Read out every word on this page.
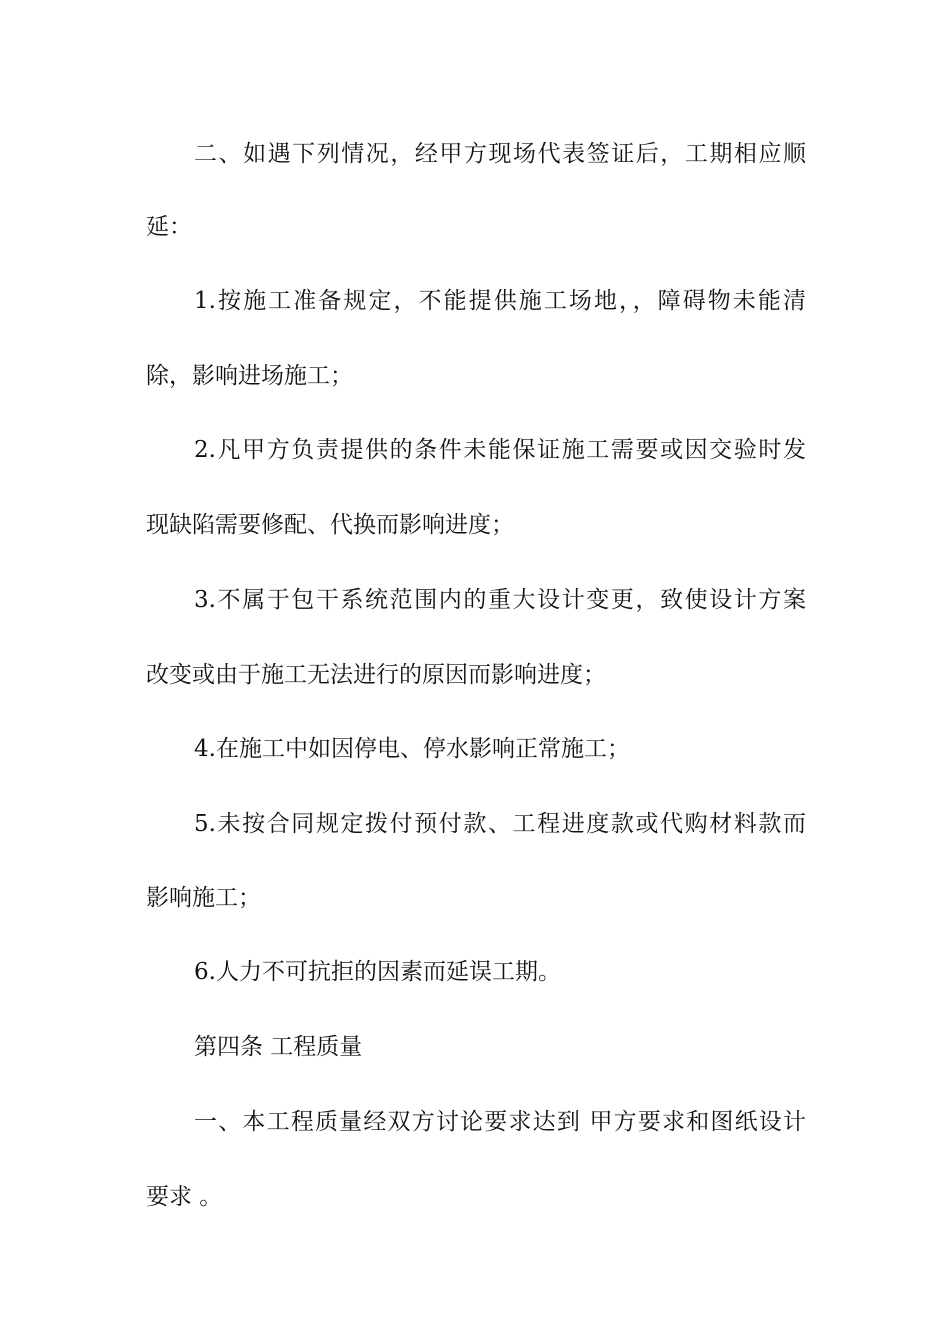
二、如遇下列情况，经甲方现场代表签证后，工期相应顺
延：
1.按施工准备规定，不能提供施工场地，，障碍物未能清
除，影响进场施工；
2.凡甲方负责提供的条件未能保证施工需要或因交验时发
现缺陷需要修配、代换而影响进度；
3.不属于包干系统范围内的重大设计变更，致使设计方案
改变或由于施工无法进行的原因而影响进度；
4.在施工中如因停电、停水影响正常施工；
5.未按合同规定拨付预付款、工程进度款或代购材料款而
影响施工；
6.人力不可抗拒的因素而延误工期。
第四条 工程质量
一、本工程质量经双方讨论要求达到 甲方要求和图纸设计
要求 。
